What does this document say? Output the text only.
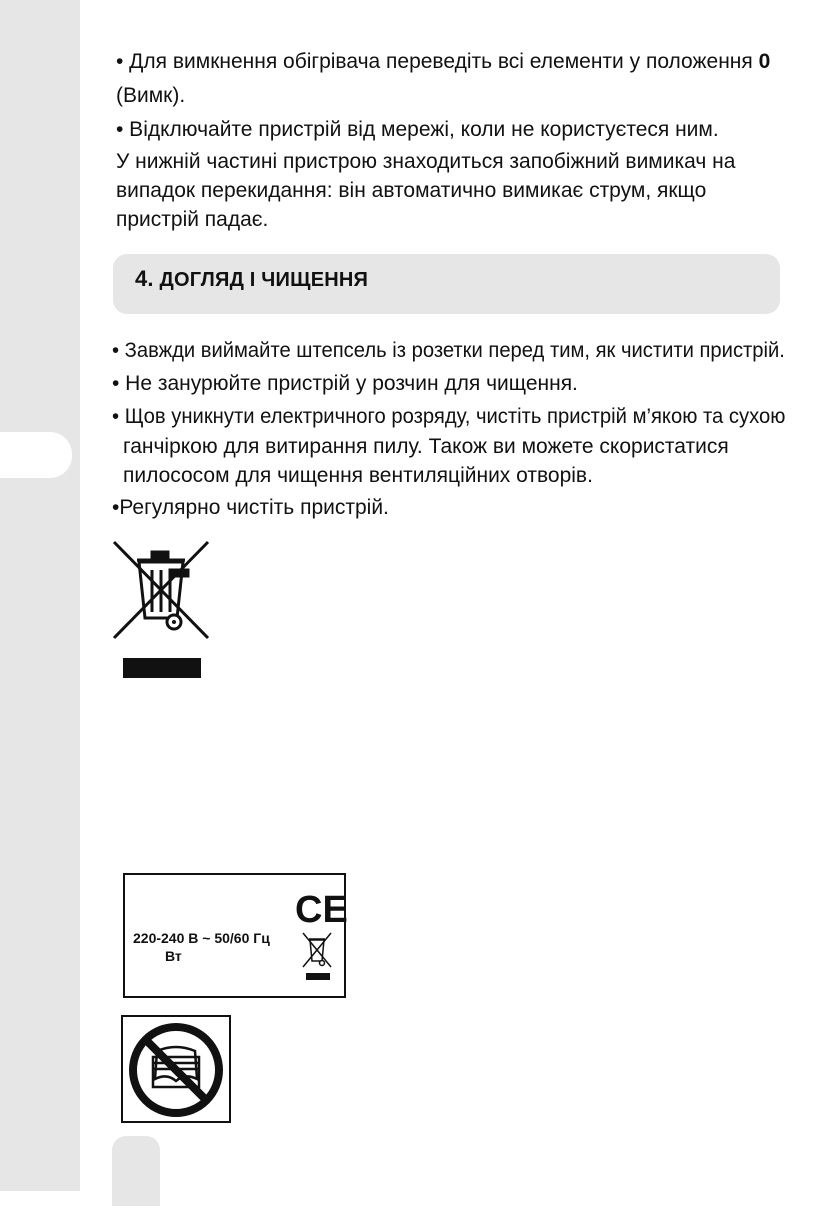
• Для вимкнення обігрівача переведіть всі елементи у положення 0
(Вимк).
• Відключайте пристрій від мережі, коли не користуєтеся ним.
У нижній частині пристрою знаходиться запобіжний вимикач на
випадок перекидання: він автоматично вимикає струм, якщо
пристрій падає.
4. ДОГЛЯД І ЧИЩЕННЯ
• Завжди виймайте штепсель із розетки перед тим, як чистити пристрій.
• Не занурюйте пристрій у розчин для чищення.
• Щов уникнути електричного розряду, чистіть пристрій м’якою та сухою
ганчіркою для витирання пилу. Також ви можете скористатися
пилососом для чищення вентиляційних отворів.
•Регулярно чистіть пристрій.
CE
220-240 В ~ 50/60 Гц
Вт
